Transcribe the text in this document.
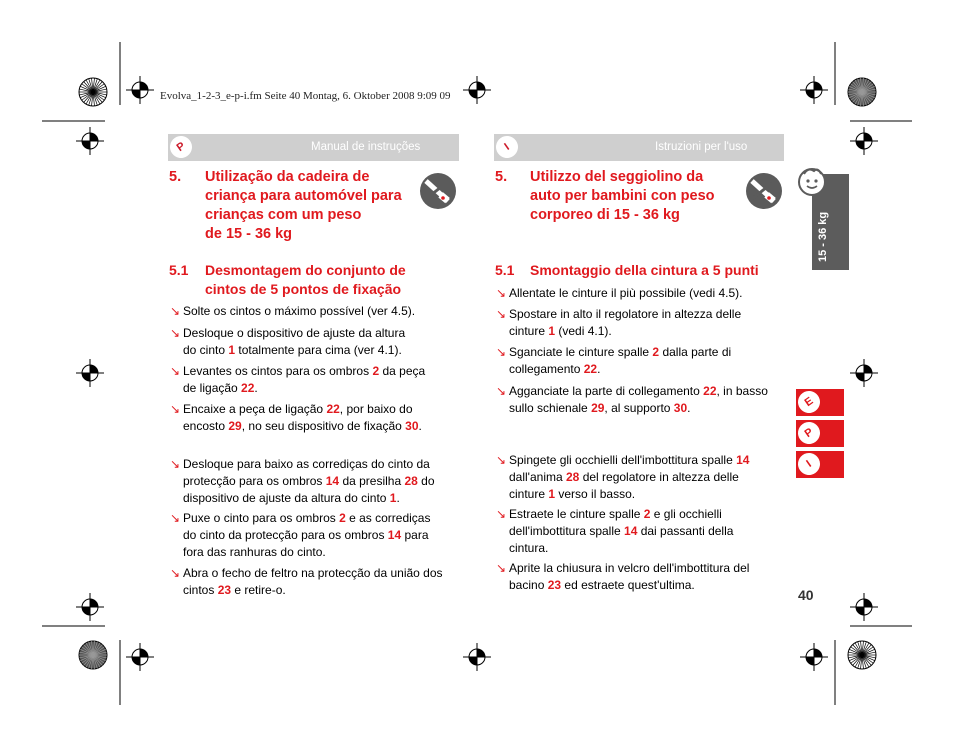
Evolva_1-2-3_e-p-i.fm Seite 40 Montag, 6. Oktober 2008 9:09 09
P	Manual de instruções
5. Utilização da cadeira de
criança para automóvel para
crianças com um peso
de 15 - 36 kg
5.1 Desmontagem do conjunto de
cintos de 5 pontos de fixação
↘ Solte os cintos o máximo possível (ver 4.5).
↘ Desloque o dispositivo de ajuste da altura
do cinto 1 totalmente para cima (ver 4.1).
↘ Levantes os cintos para os ombros 2 da peça
de ligação 22.
↘ Encaixe a peça de ligação 22, por baixo do
encosto 29, no seu dispositivo de fixação 30.
↘ Desloque para baixo as corrediças do cinto da
protecção para os ombros 14 da presilha 28 do
dispositivo de ajuste da altura do cinto 1.
↘ Puxe o cinto para os ombros 2 e as corrediças
do cinto da protecção para os ombros 14 para
fora das ranhuras do cinto.
↘ Abra o fecho de feltro na protecção da união dos
cintos 23 e retire-o.
I	Istruzioni per l'uso
5. Utilizzo del seggiolino da
auto per bambini con peso
corporeo di 15 - 36 kg
5.1 Smontaggio della cintura a 5 punti
↘ Allentate le cinture il più possibile (vedi 4.5).
↘ Spostare in alto il regolatore in altezza delle
cinture 1 (vedi 4.1).
↘ Sganciate le cinture spalle 2 dalla parte di
collegamento 22.
↘ Agganciate la parte di collegamento 22, in basso
sullo schienale 29, al supporto 30.
↘ Spingete gli occhielli dell'imbottitura spalle 14
dall'anima 28 del regolatore in altezza delle
cinture 1 verso il basso.
↘ Estraete le cinture spalle 2 e gli occhielli
dell'imbottitura spalle 14 dai passanti della
cintura.
↘ Aprite la chiusura in velcro dell'imbottitura del
bacino 23 ed estraete quest'ultima.
15 - 36 kg
E
P
I
40
